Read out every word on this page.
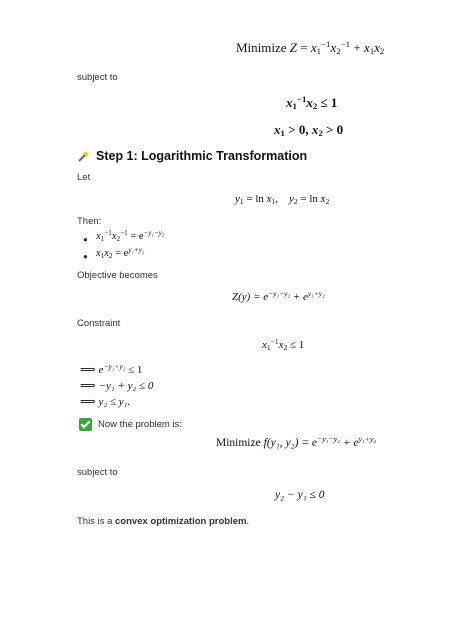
Minimize $Z = x_1^{-1}x_2^{-1} + x_1x_2$
subject to
$x_1^{-1}x_2 \le 1$
$x_1 > 0$, $x_2 > 0$
Step 1: Logarithmic Transformation
Let
$y_1 = \ln x_1$, $y_2 = \ln x_2$
Then:
● $x_1^{-1}x_2^{-1} = e^{-y_1-y_2}$
● $x_1x_2 = e^{y_1+y_2}$
Objective becomes
$Z(y) = e^{-y_1-y_2} + e^{y_1+y_2}$
Constraint
$x_1^{-1}x_2 \le 1$
⟹ $e^{-y_1+y_2} \le 1$
⟹ −y₁ + y₂ ≤ 0
⟹ y₂ ≤ y₁.
Now the problem is:
Minimize f(y₁, $y_2) = e^{-y_1-y_2} + e^{y_1+y_2}$
subject to
y₂ − y₁ ≤ 0
This is a convex optimization problem.
